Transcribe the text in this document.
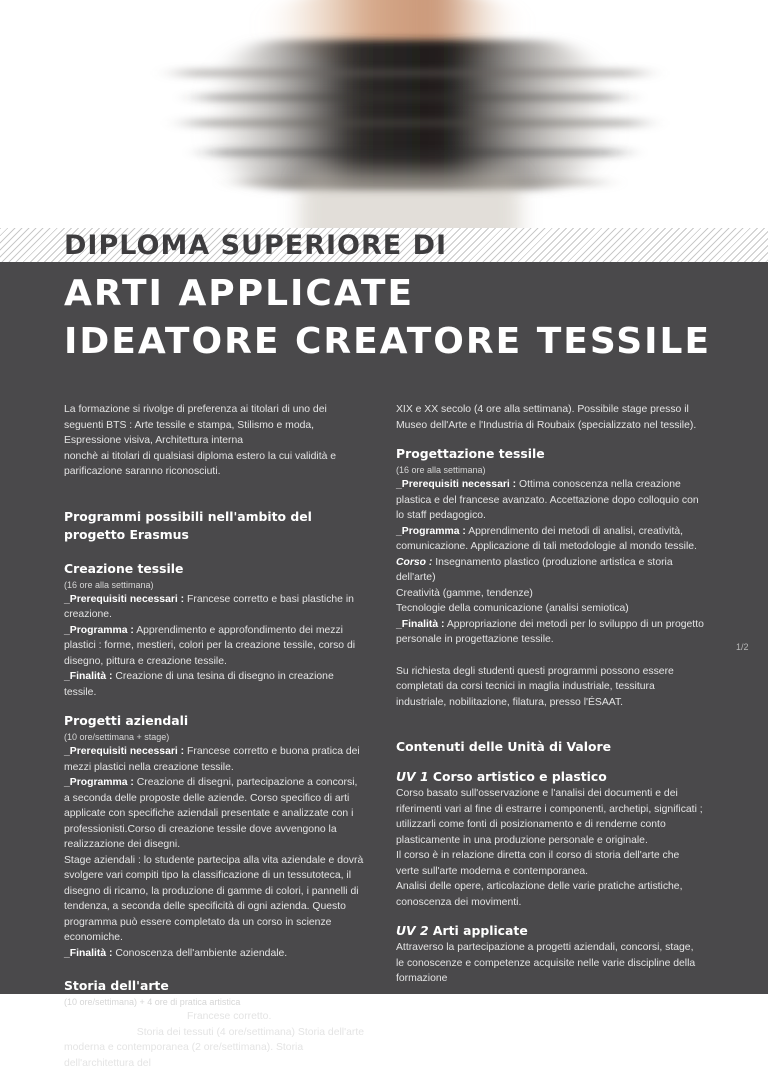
DIPLOMA SUPERIORE DI
ARTI APPLICATE
IDEATORE CREATORE TESSILE

La formazione si rivolge di preferenza ai titolari di uno dei seguenti BTS : Arte tessile e stampa, Stilismo e moda, Espressione visiva, Architettura interna

nonchè ai titolari di qualsiasi diploma estero la cui validità e parificazione saranno riconosciuti.

Programmi possibili nell'ambito del progetto Erasmus

Creazione tessile

(16 ore alla settimana)

_Prerequisiti necessari : Francese corretto e basi plastiche in creazione.

_Programma : Apprendimento e approfondimento dei mezzi plastici : forme, mestieri, colori per la creazione tessile, corso di disegno, pittura e creazione tessile.

_Finalità : Creazione di una tesina di disegno in creazione tessile.

Progetti aziendali

(10 ore/settimana + stage)

_Prerequisiti necessari : Francese corretto e buona pratica dei mezzi plastici nella creazione tessile.

_Programma : Creazione di disegni, partecipazione a concorsi, a seconda delle proposte delle aziende. Corso specifico di arti applicate con specifiche aziendali presentate e analizzate con i professionisti.Corso di creazione tessile dove avvengono la realizzazione dei disegni.

Stage aziendali : lo studente partecipa alla vita aziendale e dovrà svolgere vari compiti tipo la classificazione di un tessutoteca, il disegno di ricamo, la produzione di gamme di colori, i pannelli di tendenza, a seconda delle specificità di ogni azienda. Questo programma può essere completato da un corso in scienze economiche.

_Finalità : Conoscenza dell'ambiente aziendale.

Storia dell'arte

(10 ore/settimana) + 4 ore di pratica artistica

_Prerequisiti necessari : Francese corretto.

_Programma : Storia dei tessuti (4 ore/settimana) Storia dell'arte moderna e contemporanea (2 ore/settimana). Storia dell'architettura del

XIX e XX secolo (4 ore alla settimana). Possibile stage presso il Museo dell'Arte e l'Industria di Roubaix (specializzato nel tessile).

Progettazione tessile

(16 ore alla settimana)

_Prerequisiti necessari : Ottima conoscenza nella creazione plastica e del francese avanzato. Accettazione dopo colloquio con lo staff pedagogico.

_Programma : Apprendimento dei metodi di analisi, creatività, comunicazione. Applicazione di tali metodologie al mondo tessile.

Corso : Insegnamento plastico (produzione artistica e storia dell'arte)

Creatività (gamme, tendenze)

Tecnologie della comunicazione (analisi semiotica)

_Finalità : Appropriazione dei metodi per lo sviluppo di un progetto personale in progettazione tessile.

Su richiesta degli studenti questi programmi possono essere completati da corsi tecnici in maglia industriale, tessitura industriale, nobilitazione, filatura, presso l'ÉSAAT.

Contenuti delle Unità di Valore

UV 1 Corso artistico e plastico

Corso basato sull'osservazione e l'analisi dei documenti e dei riferimenti vari al fine di estrarre i componenti, archetipi, significati ; utilizzarli come fonti di posizionamento e di renderne conto plasticamente in una produzione personale e originale.

Il corso è in relazione diretta con il corso di storia dell'arte che verte sull'arte moderna e contemporanea.

Analisi delle opere, articolazione delle varie pratiche artistiche, conoscenza dei movimenti.

UV 2 Arti applicate

Attraverso la partecipazione a progetti aziendali, concorsi, stage, le conoscenze e competenze acquisite nelle varie discipline della formazione

1/2
